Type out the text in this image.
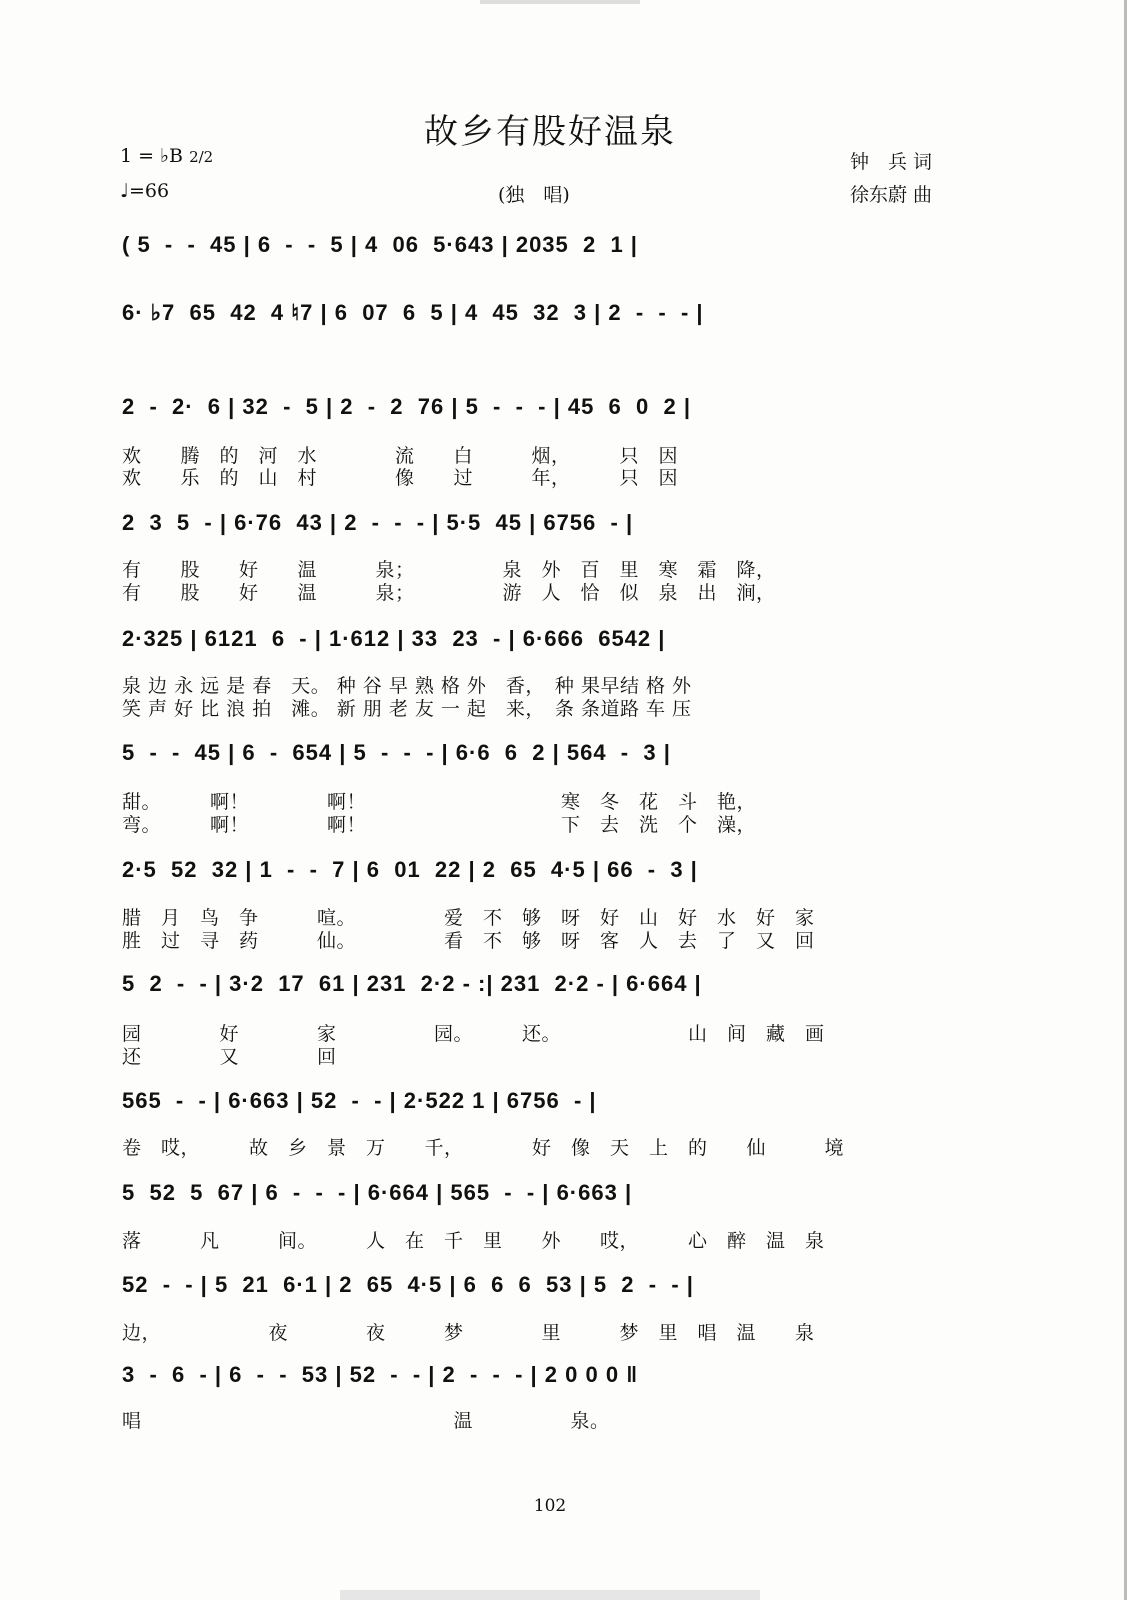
故乡有股好温泉
1 = ♭B 2/2
♩=66	(独　唱)
钟　兵 词
徐东蔚 曲
( 5  -  -  45 | 6  -  -  5 | 4  06  5·643 | 2035  2  1 |
6· ♭7  65  42  4 ♮7 | 6  07  6  5 | 4  45  32  3 | 2  -  -  - |
2  -  2·  6 | 32  -  5 | 2  -  2  76 | 5  -  -  - | 45  6  0  2 |
欢　　腾　的　河　水　　　　流　　白　　　烟，　　　只　因
欢　　乐　的　山　村　　　　像　　过　　　年，　　　只　因
2  3  5  - | 6·76  43 | 2  -  -  - | 5·5  45 | 6756  - |
有　　股　　好　　温　　　泉；　　　　　泉　外　百　里　寒　霜　降，
有　　股　　好　　温　　　泉；　　　　　游　人　恰　似　泉　出　涧，
2·325 | 6121  6  - | 1·612 | 33  23  - | 6·666  6542 |
泉 边 永 远 是 春　天。 种 谷 早 熟 格 外　香，　种 果早结 格 外
笑 声 好 比 浪 拍　滩。 新 朋 老 友 一 起　来，　条 条道路 车 压
5  -  -  45 | 6  -  654 | 5  -  -  - | 6·6  6  2 | 564  -  3 |
甜。　　　啊！　　　　啊！　　　　　　　　　　寒　冬　花　斗　艳，
弯。　　　啊！　　　　啊！　　　　　　　　　　下　去　洗　个　澡，
2·5  52  32 | 1  -  -  7 | 6  01  22 | 2  65  4·5 | 66  -  3 |
腊　月　鸟　争　　　喧。　　　　　爱　不　够　呀　好　山　好　水　好　家
胜　过　寻　药　　　仙。　　　　　看　不　够　呀　客　人　去　了　又　回
5  2  -  - | 3·2  17  61 | 231  2·2 - :| 231  2·2 - | 6·664 |
园　　　　好　　　　家　　　　　园。　　　还。　　　　　　　山　间　藏　画
还　　　　又　　　　回
565  -  - | 6·663 | 52  -  - | 2·522 1 | 6756  - |
卷　哎，　　　故　乡　景　万　　千，　　　　好　像　天　上　的　　仙　　　境
5  52  5  67 | 6  -  -  - | 6·664 | 565  -  - | 6·663 |
落　　　凡　　　间。　　　人　在　千　里　　外　　哎，　　　心　醉　温　泉
52  -  - | 5  21  6·1 | 2  65  4·5 | 6  6  6  53 | 5  2  -  - |
边，　　　　　　夜　　　　夜　　　梦　　　　里　　　梦　里　唱　温　　泉
3  -  6  - | 6  -  -  53 | 52  -  - | 2  -  -  - | 2 0 0 0 ‖
唱　　　　　　　　　　　　　　　　温　　　　　泉。
102
